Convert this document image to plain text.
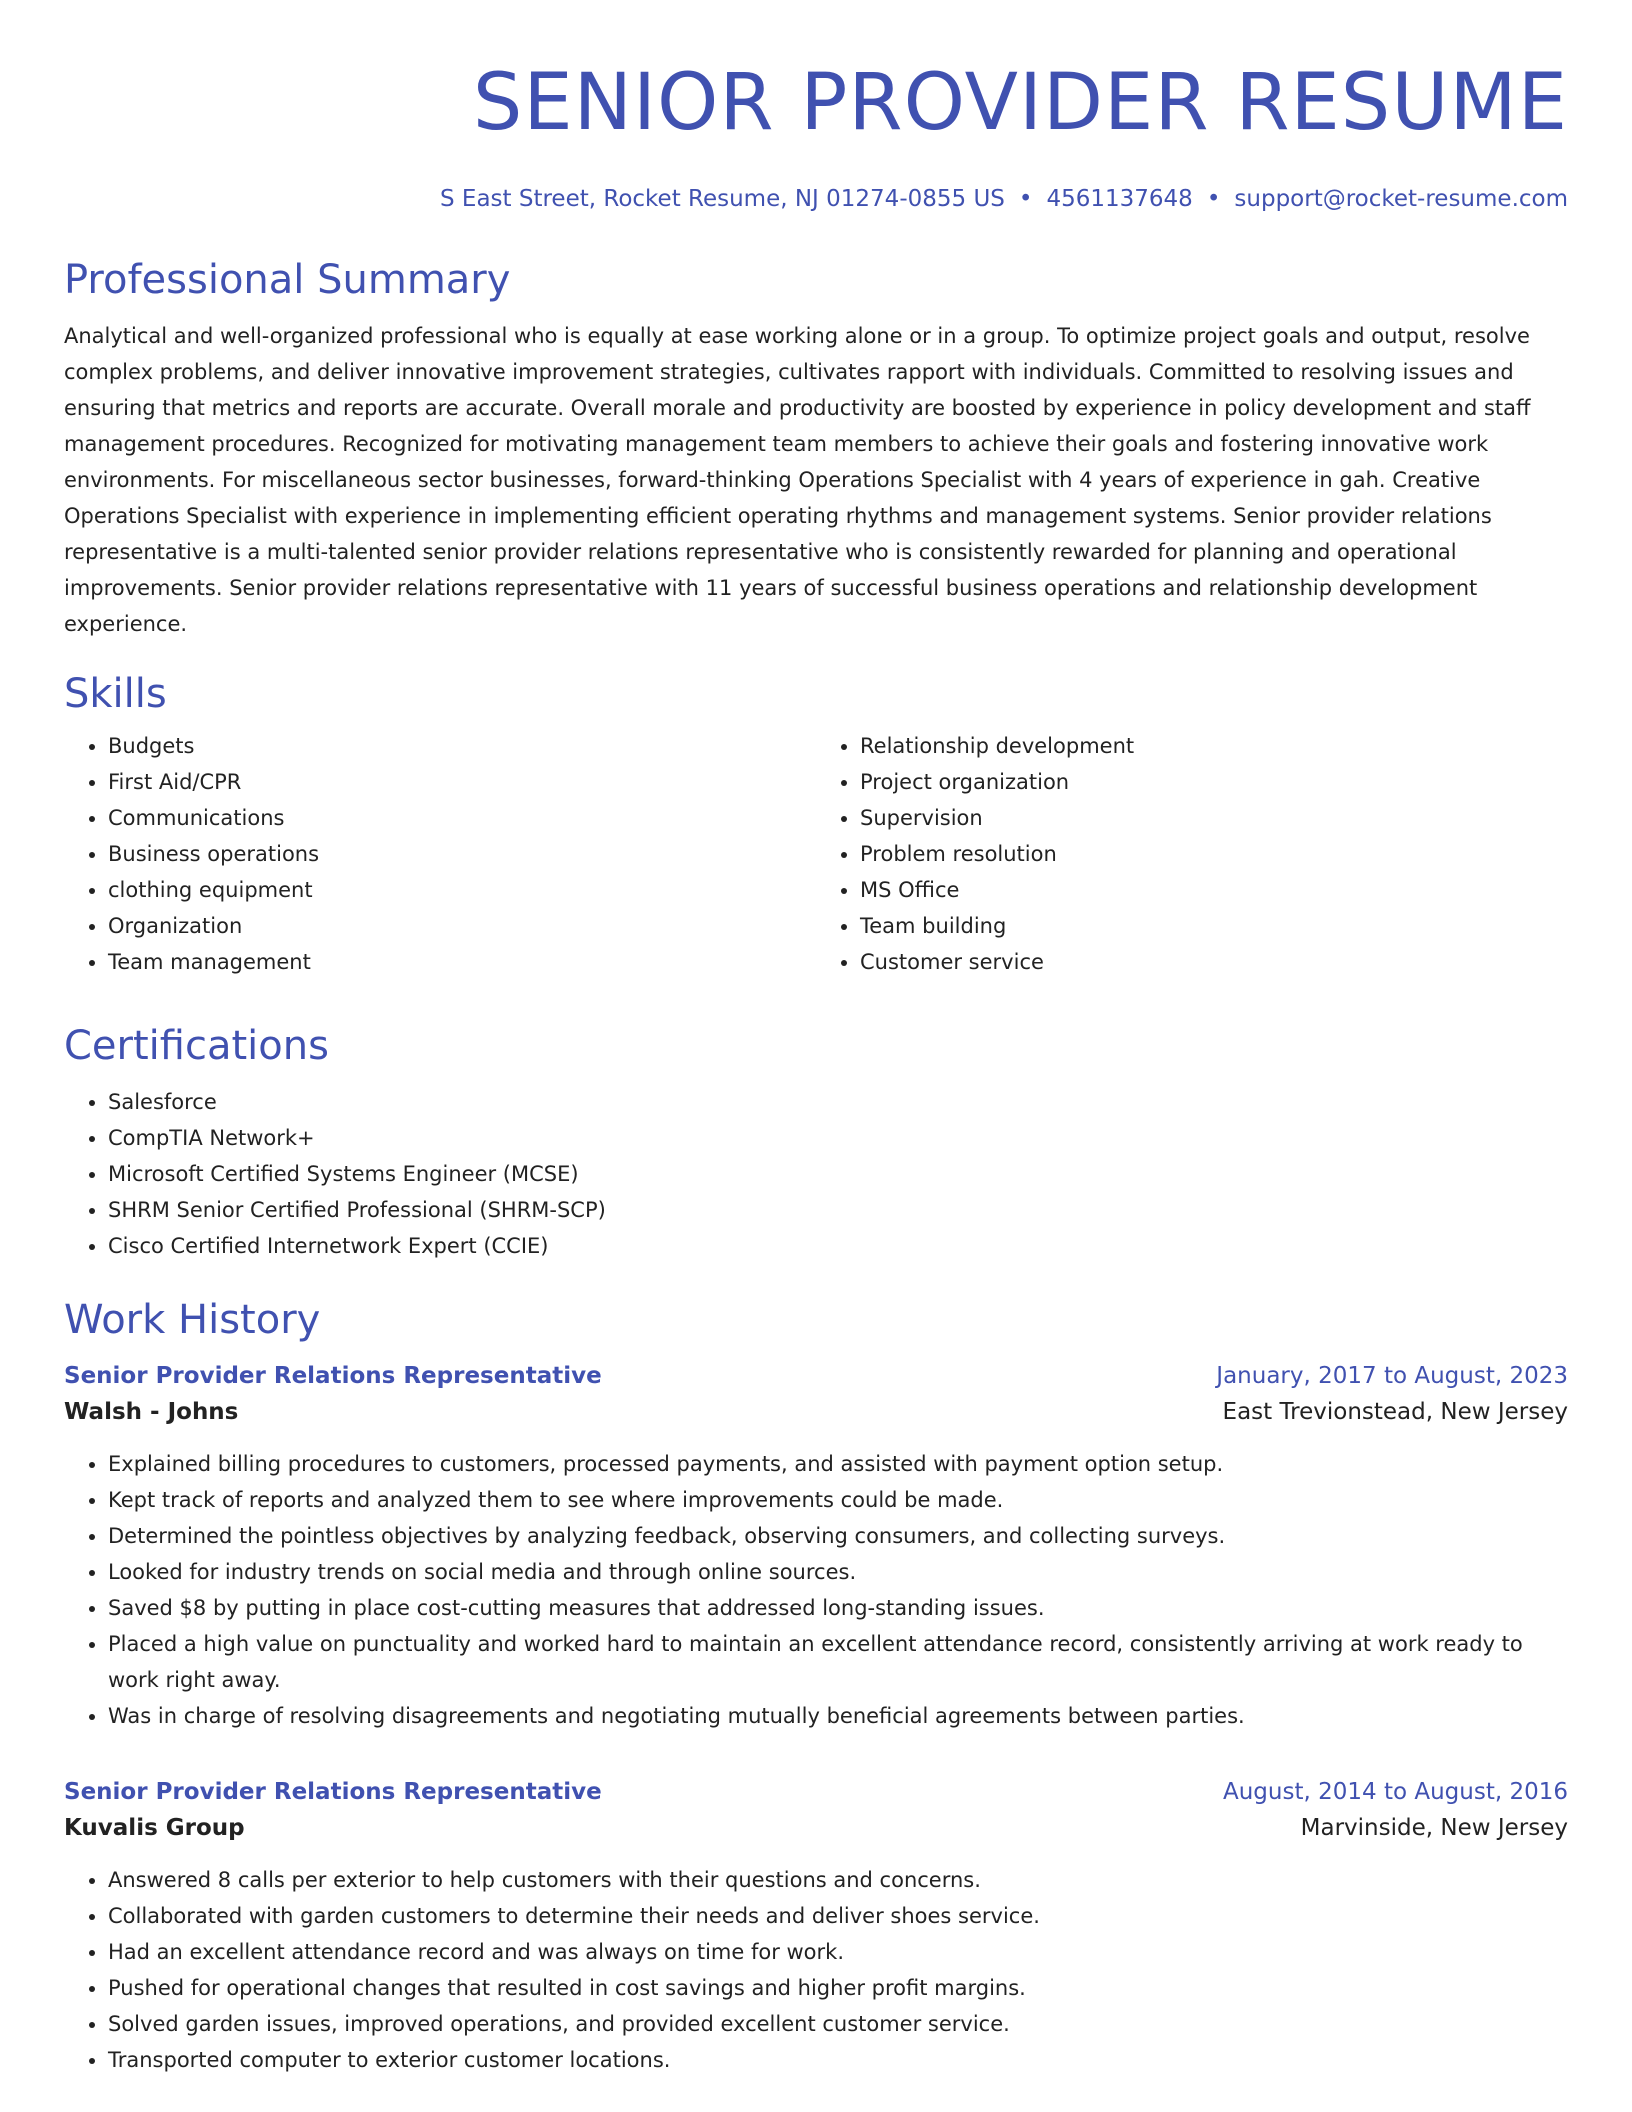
SENIOR PROVIDER RESUME
S East Street, Rocket Resume, NJ 01274-0855 US • 4561137648 • support@rocket-resume.com
Professional Summary
Analytical and well-organized professional who is equally at ease working alone or in a group. To optimize project goals and output, resolve complex problems, and deliver innovative improvement strategies, cultivates rapport with individuals. Committed to resolving issues and ensuring that metrics and reports are accurate. Overall morale and productivity are boosted by experience in policy development and staff management procedures. Recognized for motivating management team members to achieve their goals and fostering innovative work environments. For miscellaneous sector businesses, forward-thinking Operations Specialist with 4 years of experience in gah. Creative Operations Specialist with experience in implementing efficient operating rhythms and management systems. Senior provider relations representative is a multi-talented senior provider relations representative who is consistently rewarded for planning and operational improvements. Senior provider relations representative with 11 years of successful business operations and relationship development experience.
Skills
• Budgets
• First Aid/CPR
• Communications
• Business operations
• clothing equipment
• Organization
• Team management
• Relationship development
• Project organization
• Supervision
• Problem resolution
• MS Office
• Team building
• Customer service
Certifications
• Salesforce
• CompTIA Network+
• Microsoft Certified Systems Engineer (MCSE)
• SHRM Senior Certified Professional (SHRM-SCP)
• Cisco Certified Internetwork Expert (CCIE)
Work History
Senior Provider Relations Representative	January, 2017 to August, 2023
Walsh - Johns	East Trevionstead, New Jersey
• Explained billing procedures to customers, processed payments, and assisted with payment option setup.
• Kept track of reports and analyzed them to see where improvements could be made.
• Determined the pointless objectives by analyzing feedback, observing consumers, and collecting surveys.
• Looked for industry trends on social media and through online sources.
• Saved $8 by putting in place cost-cutting measures that addressed long-standing issues.
• Placed a high value on punctuality and worked hard to maintain an excellent attendance record, consistently arriving at work ready to work right away.
• Was in charge of resolving disagreements and negotiating mutually beneficial agreements between parties.
Senior Provider Relations Representative	August, 2014 to August, 2016
Kuvalis Group	Marvinside, New Jersey
• Answered 8 calls per exterior to help customers with their questions and concerns.
• Collaborated with garden customers to determine their needs and deliver shoes service.
• Had an excellent attendance record and was always on time for work.
• Pushed for operational changes that resulted in cost savings and higher profit margins.
• Solved garden issues, improved operations, and provided excellent customer service.
• Transported computer to exterior customer locations.
